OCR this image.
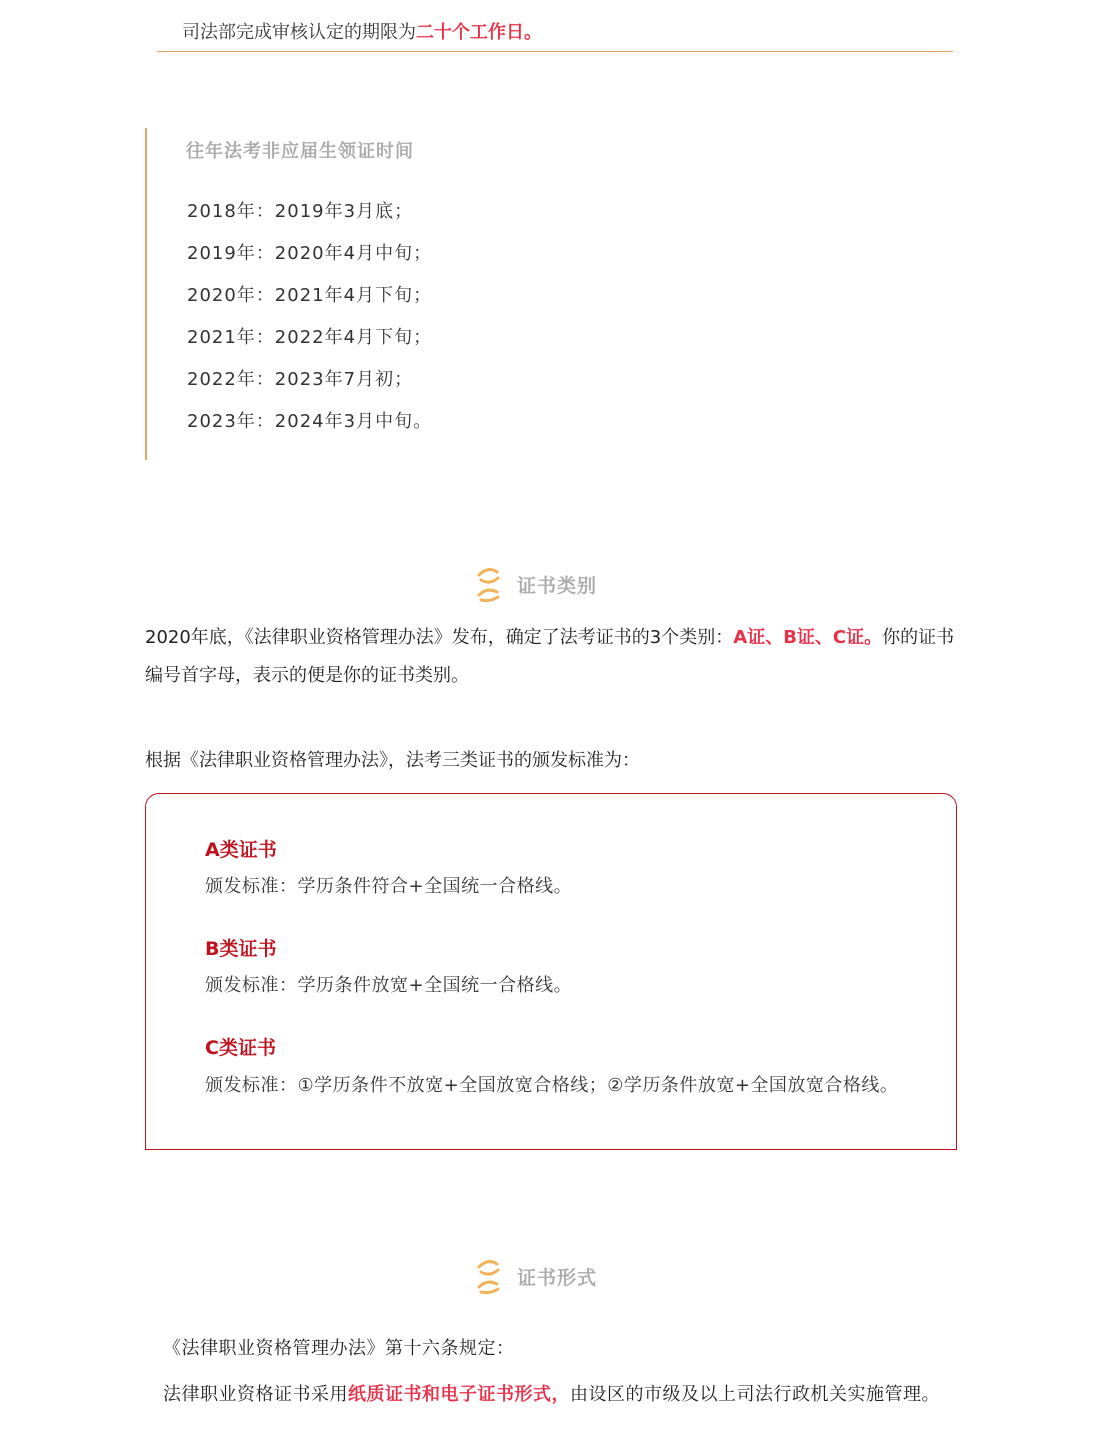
司法部完成审核认定的期限为二十个工作日。
往年法考非应届生领证时间
2018年：2019年3月底；
2019年：2020年4月中旬；
2020年：2021年4月下旬；
2021年：2022年4月下旬；
2022年：2023年7月初；
2023年：2024年3月中旬。
证书类别
2020年底，《法律职业资格管理办法》发布，确定了法考证书的3个类别：A证、B证、C证。你的证书编号首字母，表示的便是你的证书类别。
根据《法律职业资格管理办法》，法考三类证书的颁发标准为：
A类证书
颁发标准：学历条件符合+全国统一合格线。
B类证书
颁发标准：学历条件放宽+全国统一合格线。
C类证书
颁发标准：①学历条件不放宽+全国放宽合格线；②学历条件放宽+全国放宽合格线。
证书形式
《法律职业资格管理办法》第十六条规定：
法律职业资格证书采用纸质证书和电子证书形式，由设区的市级及以上司法行政机关实施管理。
